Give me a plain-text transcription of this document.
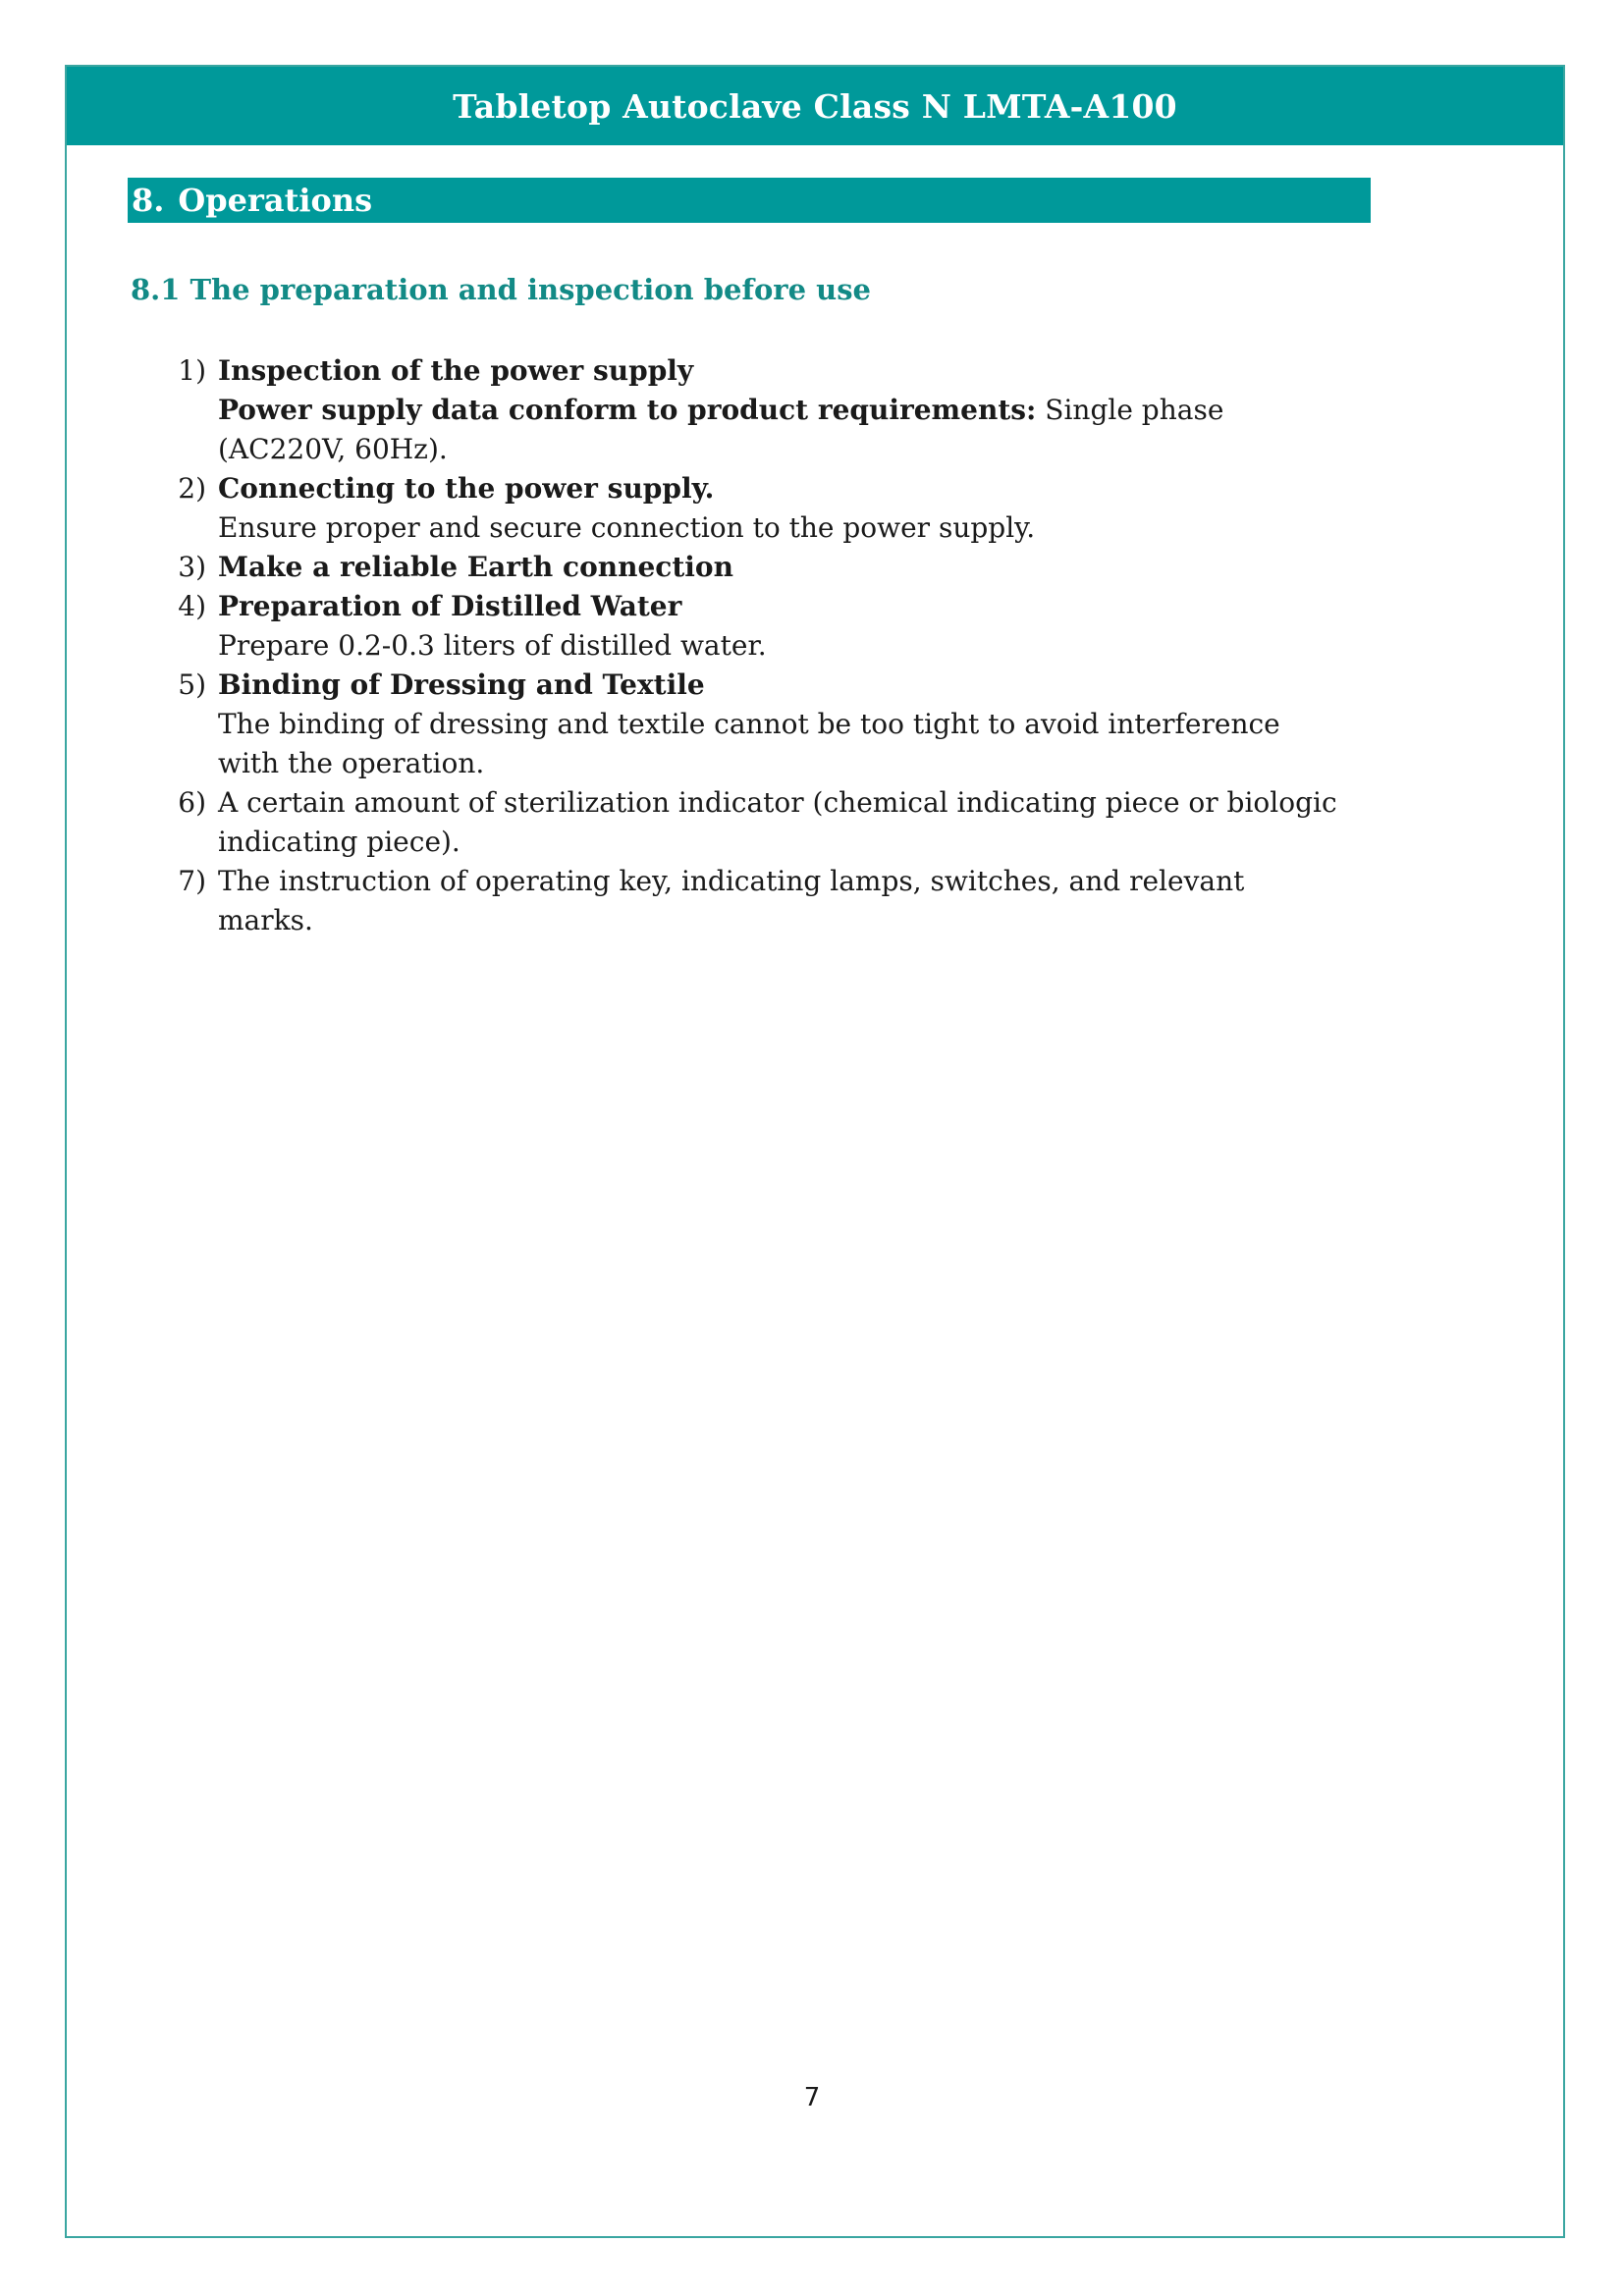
Tabletop Autoclave Class N LMTA-A100
8. Operations
8.1 The preparation and inspection before use
1) Inspection of the power supply
Power supply data conform to product requirements: Single phase (AC220V, 60Hz).
2) Connecting to the power supply.
Ensure proper and secure connection to the power supply.
3) Make a reliable Earth connection
4) Preparation of Distilled Water
Prepare 0.2-0.3 liters of distilled water.
5) Binding of Dressing and Textile
The binding of dressing and textile cannot be too tight to avoid interference with the operation.
6) A certain amount of sterilization indicator (chemical indicating piece or biologic indicating piece).
7) The instruction of operating key, indicating lamps, switches, and relevant marks.
7
